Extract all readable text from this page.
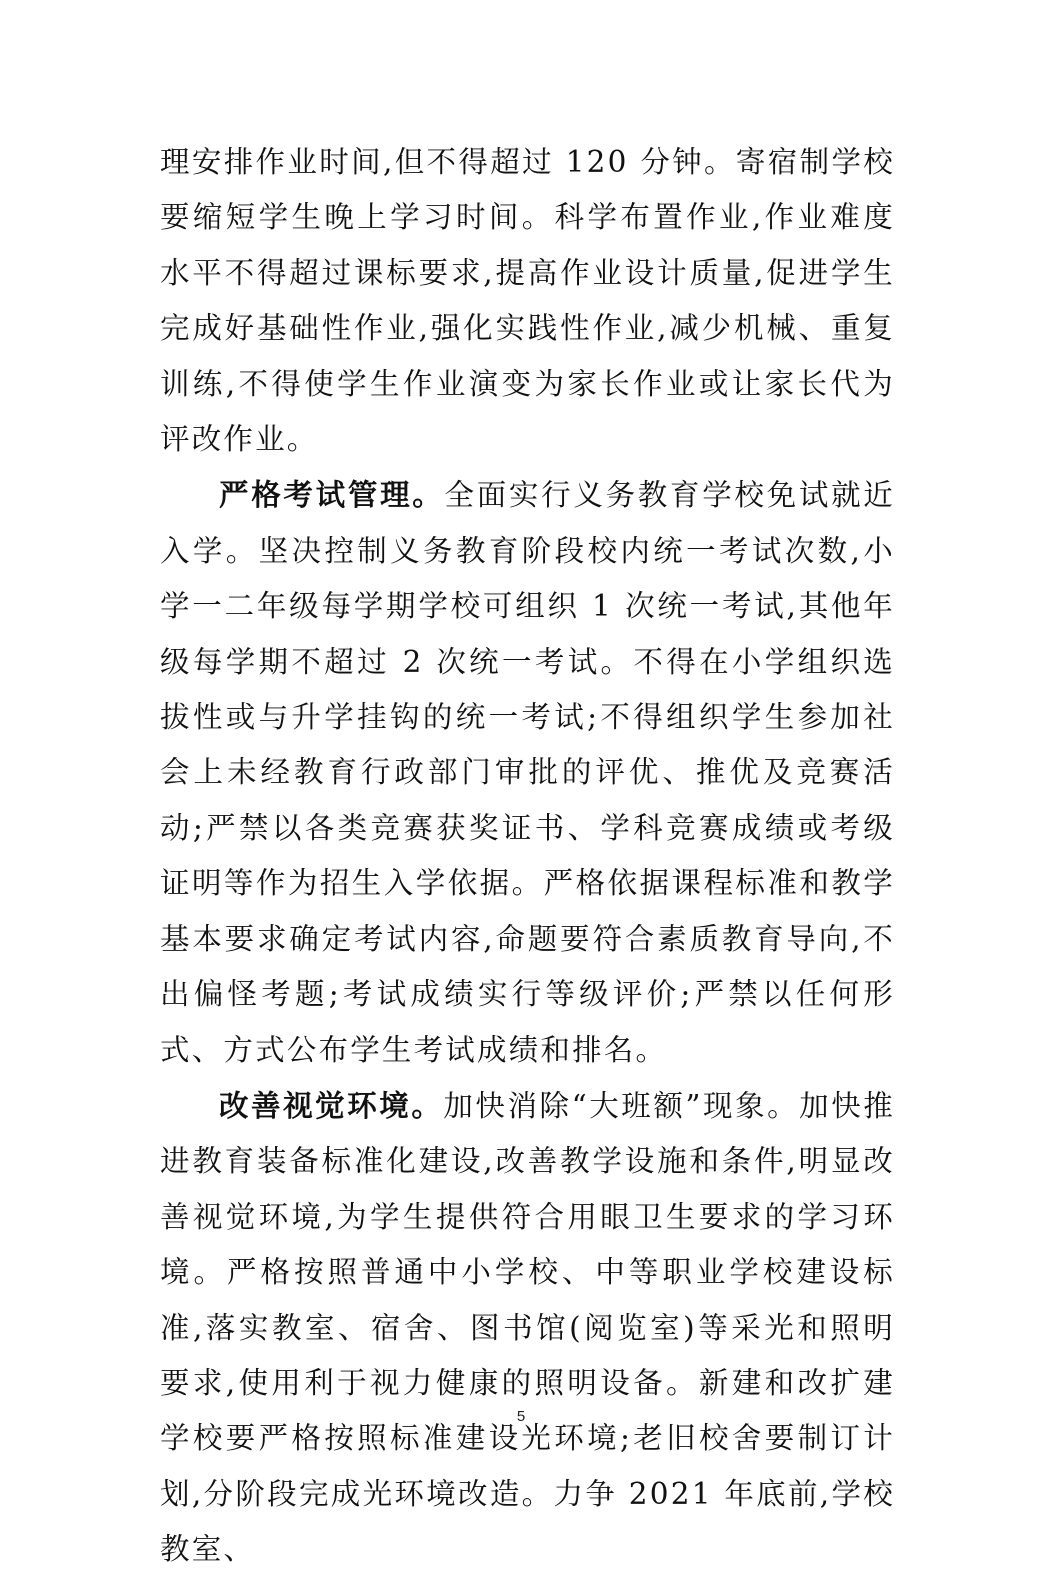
理安排作业时间,但不得超过 120 分钟。寄宿制学校要缩短学生晚上学习时间。科学布置作业,作业难度水平不得超过课标要求,提高作业设计质量,促进学生完成好基础性作业,强化实践性作业,减少机械、重复训练,不得使学生作业演变为家长作业或让家长代为评改作业。

严格考试管理。全面实行义务教育学校免试就近入学。坚决控制义务教育阶段校内统一考试次数,小学一二年级每学期学校可组织 1 次统一考试,其他年级每学期不超过 2 次统一考试。不得在小学组织选拔性或与升学挂钩的统一考试;不得组织学生参加社会上未经教育行政部门审批的评优、推优及竞赛活动;严禁以各类竞赛获奖证书、学科竞赛成绩或考级证明等作为招生入学依据。严格依据课程标准和教学基本要求确定考试内容,命题要符合素质教育导向,不出偏怪考题;考试成绩实行等级评价;严禁以任何形式、方式公布学生考试成绩和排名。

改善视觉环境。加快消除“大班额”现象。加快推进教育装备标准化建设,改善教学设施和条件,明显改善视觉环境,为学生提供符合用眼卫生要求的学习环境。严格按照普通中小学校、中等职业学校建设标准,落实教室、宿舍、图书馆(阅览室)等采光和照明要求,使用利于视力健康的照明设备。新建和改扩建学校要严格按照标准建设光环境;老旧校舍要制订计划,分阶段完成光环境改造。力争 2021 年底前,学校教室、

5
